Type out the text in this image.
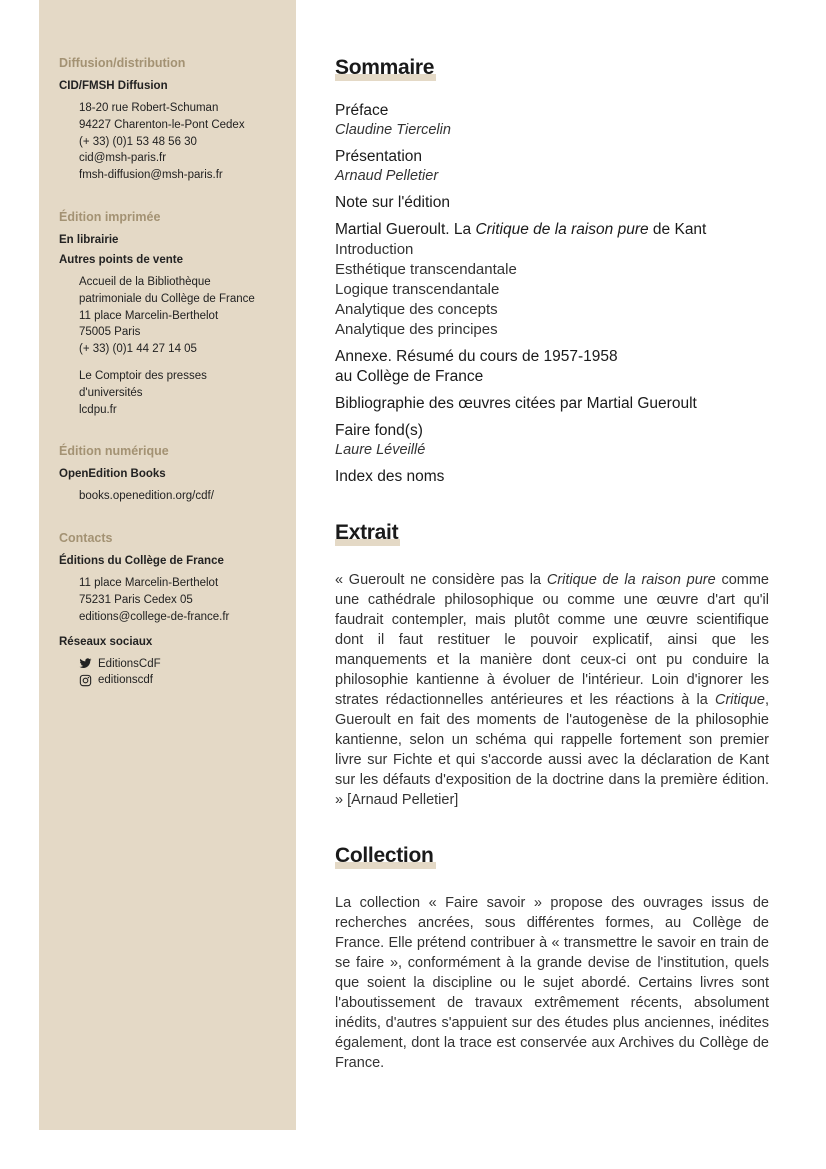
Diffusion/distribution
CID/FMSH Diffusion
18-20 rue Robert-Schuman
94227 Charenton-le-Pont Cedex
(+ 33) (0)1 53 48 56 30
cid@msh-paris.fr
fmsh-diffusion@msh-paris.fr
Édition imprimée
En librairie
Autres points de vente
Accueil de la Bibliothèque
patrimoniale du Collège de France
11 place Marcelin-Berthelot
75005 Paris
(+ 33) (0)1 44 27 14 05
Le Comptoir des presses
d'universités
lcdpu.fr
Édition numérique
OpenEdition Books
books.openedition.org/cdf/
Contacts
Éditions du Collège de France
11 place Marcelin-Berthelot
75231 Paris Cedex 05
editions@college-de-france.fr
Réseaux sociaux
EditionsCdF
editionscdf
Sommaire
Préface
Claudine Tiercelin
Présentation
Arnaud Pelletier
Note sur l'édition
Martial Gueroult. La Critique de la raison pure de Kant
Introduction
Esthétique transcendantale
Logique transcendantale
Analytique des concepts
Analytique des principes
Annexe. Résumé du cours de 1957-1958
au Collège de France
Bibliographie des œuvres citées par Martial Gueroult
Faire fond(s)
Laure Léveillé
Index des noms
Extrait

« Gueroult ne considère pas la Critique de la raison pure comme une cathédrale philosophique ou comme une œuvre d'art qu'il faudrait contempler, mais plutôt comme une œuvre scientifique dont il faut restituer le pouvoir explicatif, ainsi que les manquements et la manière dont ceux-ci ont pu conduire la philosophie kantienne à évoluer de l'intérieur. Loin d'ignorer les strates rédactionnelles antérieures et les réactions à la Critique, Gueroult en fait des moments de l'autogenèse de la philosophie kantienne, selon un schéma qui rappelle fortement son premier livre sur Fichte et qui s'accorde aussi avec la déclaration de Kant sur les défauts d'exposition de la doctrine dans la première édition. » [Arnaud Pelletier]

Collection

La collection « Faire savoir » propose des ouvrages issus de recherches ancrées, sous différentes formes, au Collège de France. Elle prétend contribuer à « transmettre le savoir en train de se faire », conformément à la grande devise de l'institution, quels que soient la discipline ou le sujet abordé. Certains livres sont l'aboutissement de travaux extrêmement récents, absolument inédits, d'autres s'appuient sur des études plus anciennes, inédites également, dont la trace est conservée aux Archives du Collège de France.
